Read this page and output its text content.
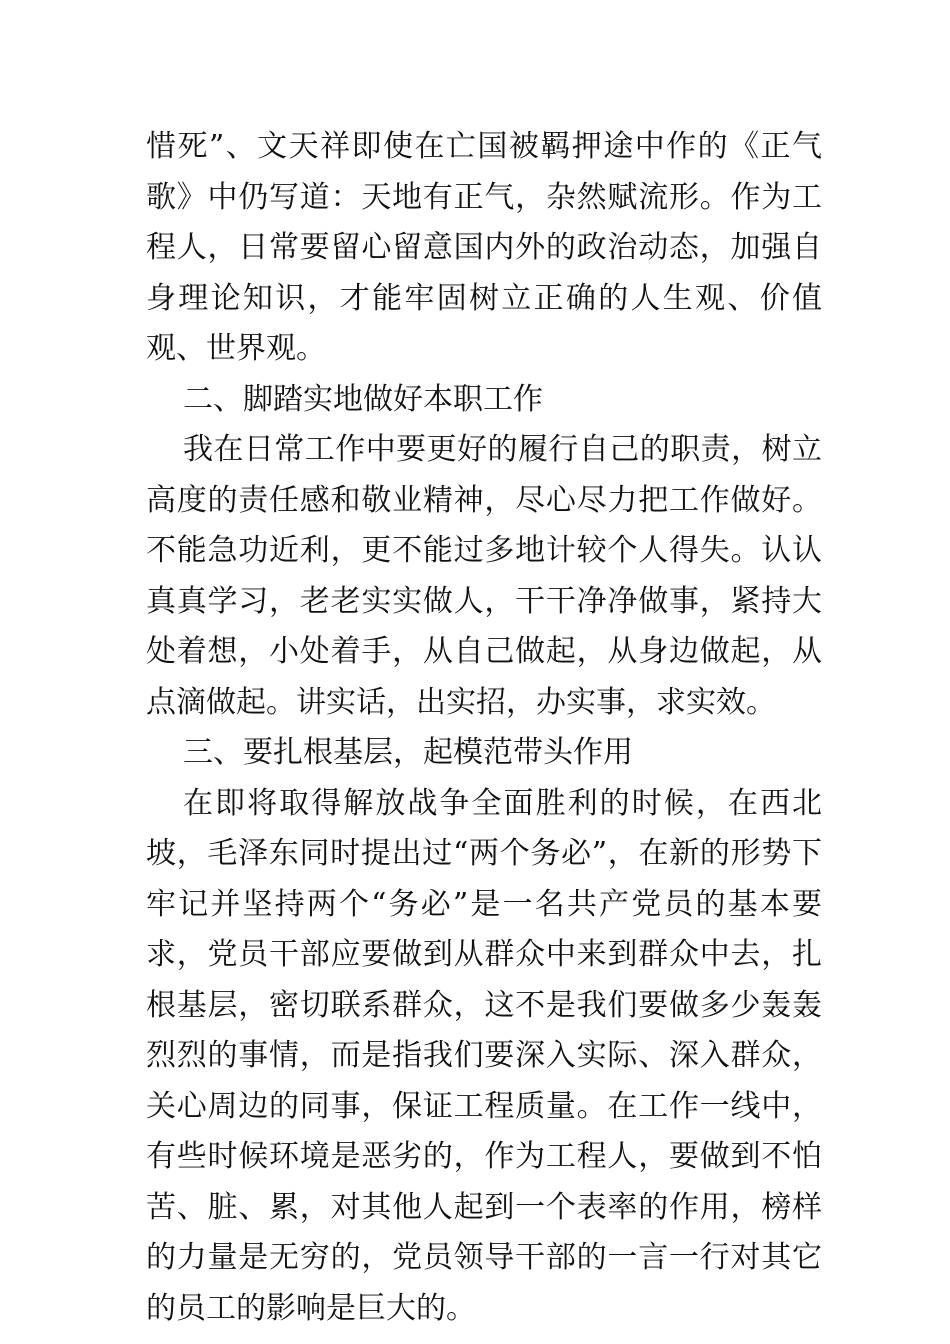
惜死”、文天祥即使在亡国被羁押途中作的《正气歌》中仍写道：天地有正气，杂然赋流形。作为工程人，日常要留心留意国内外的政治动态，加强自身理论知识，才能牢固树立正确的人生观、价值观、世界观。

二、脚踏实地做好本职工作

我在日常工作中要更好的履行自己的职责，树立高度的责任感和敬业精神，尽心尽力把工作做好。不能急功近利，更不能过多地计较个人得失。认认真真学习，老老实实做人，干干净净做事，紧持大处着想，小处着手，从自己做起，从身边做起，从点滴做起。讲实话，出实招，办实事，求实效。

三、要扎根基层，起模范带头作用

在即将取得解放战争全面胜利的时候，在西北坡，毛泽东同时提出过“两个务必”，在新的形势下牢记并坚持两个“务必”是一名共产党员的基本要求，党员干部应要做到从群众中来到群众中去，扎根基层，密切联系群众，这不是我们要做多少轰轰烈烈的事情，而是指我们要深入实际、深入群众，关心周边的同事，保证工程质量。在工作一线中，有些时候环境是恶劣的，作为工程人，要做到不怕苦、脏、累，对其他人起到一个表率的作用，榜样的力量是无穷的，党员领导干部的一言一行对其它的员工的影响是巨大的。
